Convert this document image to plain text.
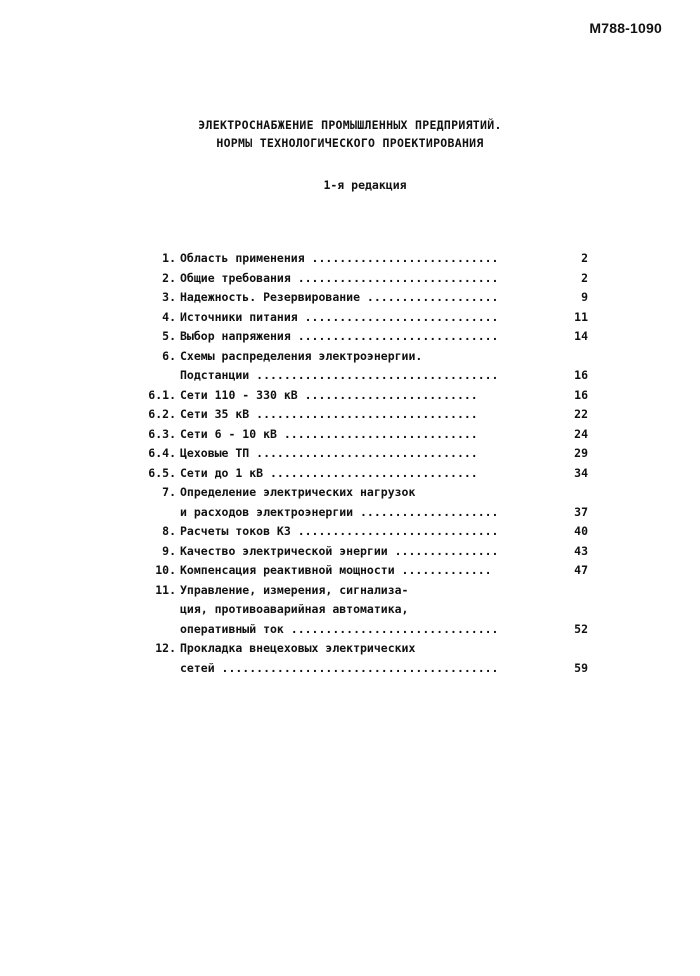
M788-1090
ЭЛЕКТРОСНАБЖЕНИЕ ПРОМЫШЛЕННЫХ ПРЕДПРИЯТИЙ.
НОРМЫ ТЕХНОЛОГИЧЕСКОГО ПРОЕКТИРОВАНИЯ
1-я редакция
1. Область применения ...........................	2
2. Общие требования .............................	2
3. Надежность. Резервирование ...................	9
4. Источники питания ............................	11
5. Выбор напряжения .............................	14
6. Схемы распределения электроэнергии.
Подстанции ...................................	16
6.1. Сети 110 - 330 кВ .........................	16
6.2. Сети 35 кВ ................................	22
6.3. Сети 6 - 10 кВ ............................	24
6.4. Цеховые ТП ................................	29
6.5. Сети до 1 кВ ..............................	34
7. Определение электрических нагрузок
и расходов электроэнергии ....................	37
8. Расчеты токов КЗ .............................	40
9. Качество электрической энергии ...............	43
10. Компенсация реактивной мощности .............	47
11. Управление, измерения, сигнализа-
ция, противоаварийная автоматика,
оперативный ток ..............................	52
12. Прокладка внецеховых электрических
сетей ........................................	59
